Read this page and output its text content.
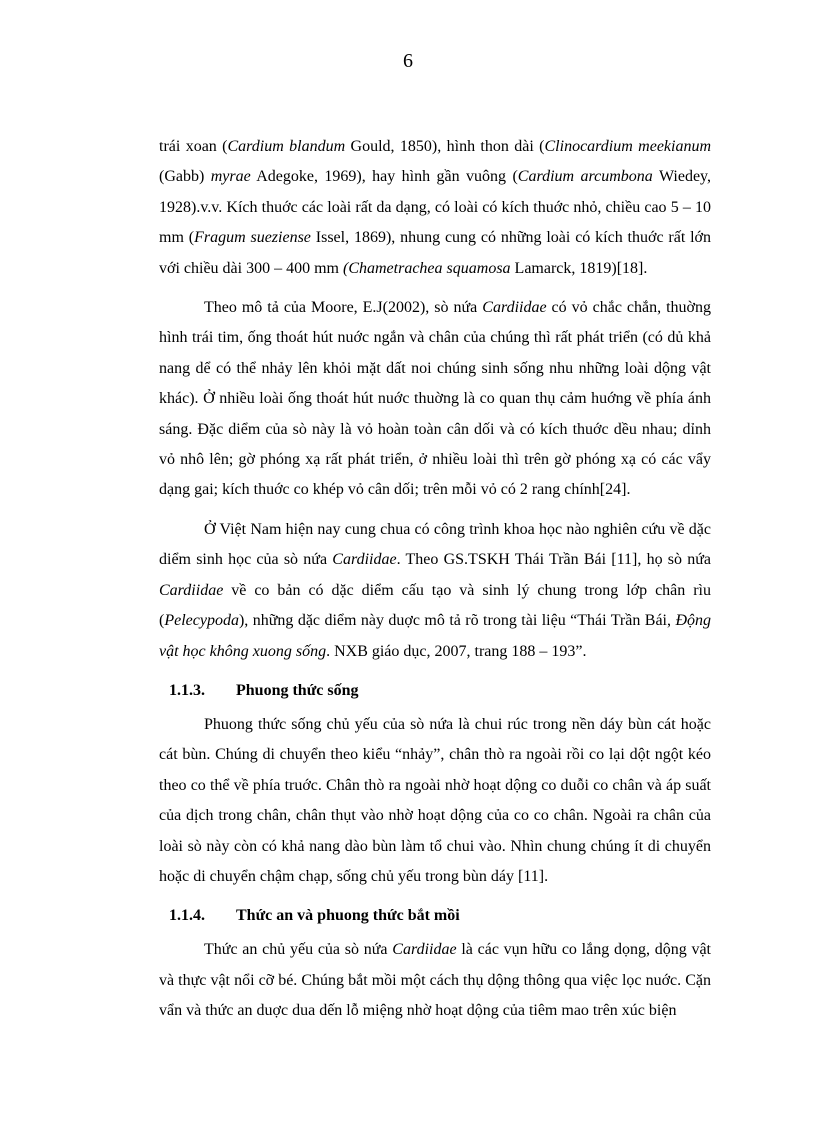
6

trái xoan (Cardium blandum Gould, 1850), hình thon dài (Clinocardium meekianum (Gabb) myrae Adegoke, 1969), hay hình gần vuông (Cardium arcumbona Wiedey, 1928).v.v. Kích thuớc các loài rất da dạng, có loài có kích thuớc nhỏ, chiều cao 5 – 10 mm (Fragum sueziense Issel, 1869), nhung cung có những loài có kích thuớc rất lớn với chiều dài 300 – 400 mm (Chametrachea squamosa Lamarck, 1819)[18].

Theo mô tả của Moore, E.J(2002), sò nứa Cardiidae có vỏ chắc chắn, thuờng hình trái tim, ống thoát hút nuớc ngắn và chân của chúng thì rất phát triển (có dủ khả nang dể có thể nhảy lên khỏi mặt dất noi chúng sinh sống nhu những loài dộng vật khác). Ở nhiều loài ống thoát hút nuớc thuờng là co quan thụ cảm huớng về phía ánh sáng. Đặc diểm của sò này là vỏ hoàn toàn cân dối và có kích thuớc dều nhau; dỉnh vỏ nhô lên; gờ phóng xạ rất phát triển, ở nhiều loài thì trên gờ phóng xạ có các vẩy dạng gai; kích thuớc co khép vỏ cân dối; trên mỗi vỏ có 2 rang chính[24].

Ở Việt Nam hiện nay cung chua có công trình khoa học nào nghiên cứu về dặc diểm sinh học của sò nứa Cardiidae. Theo GS.TSKH Thái Trần Bái [11], họ sò nứa Cardiidae về co bản có dặc diểm cấu tạo và sinh lý chung trong lớp chân rìu (Pelecypoda), những dặc diểm này duợc mô tả rõ trong tài liệu “Thái Trần Bái, Động vật học không xuong sống. NXB giáo dục, 2007, trang 188 – 193”.

1.1.3. Phuong thức sống

Phuong thức sống chủ yếu của sò nứa là chui rúc trong nền dáy bùn cát hoặc cát bùn. Chúng di chuyển theo kiểu “nhảy”, chân thò ra ngoài rồi co lại dột ngột kéo theo co thể về phía truớc. Chân thò ra ngoài nhờ hoạt dộng co duỗi co chân và áp suất của dịch trong chân, chân thụt vào nhờ hoạt dộng của co co chân. Ngoài ra chân của loài sò này còn có khả nang dào bùn làm tổ chui vào. Nhìn chung chúng ít di chuyển hoặc di chuyển chậm chạp, sống chủ yếu trong bùn dáy [11].

1.1.4. Thức an và phuong thức bắt mồi

Thức an chủ yếu của sò nứa Cardiidae là các vụn hữu co lắng dọng, dộng vật và thực vật nổi cỡ bé. Chúng bắt mồi một cách thụ dộng thông qua việc lọc nuớc. Cặn vẩn và thức an duợc dua dến lỗ miệng nhờ hoạt dộng của tiêm mao trên xúc biện
